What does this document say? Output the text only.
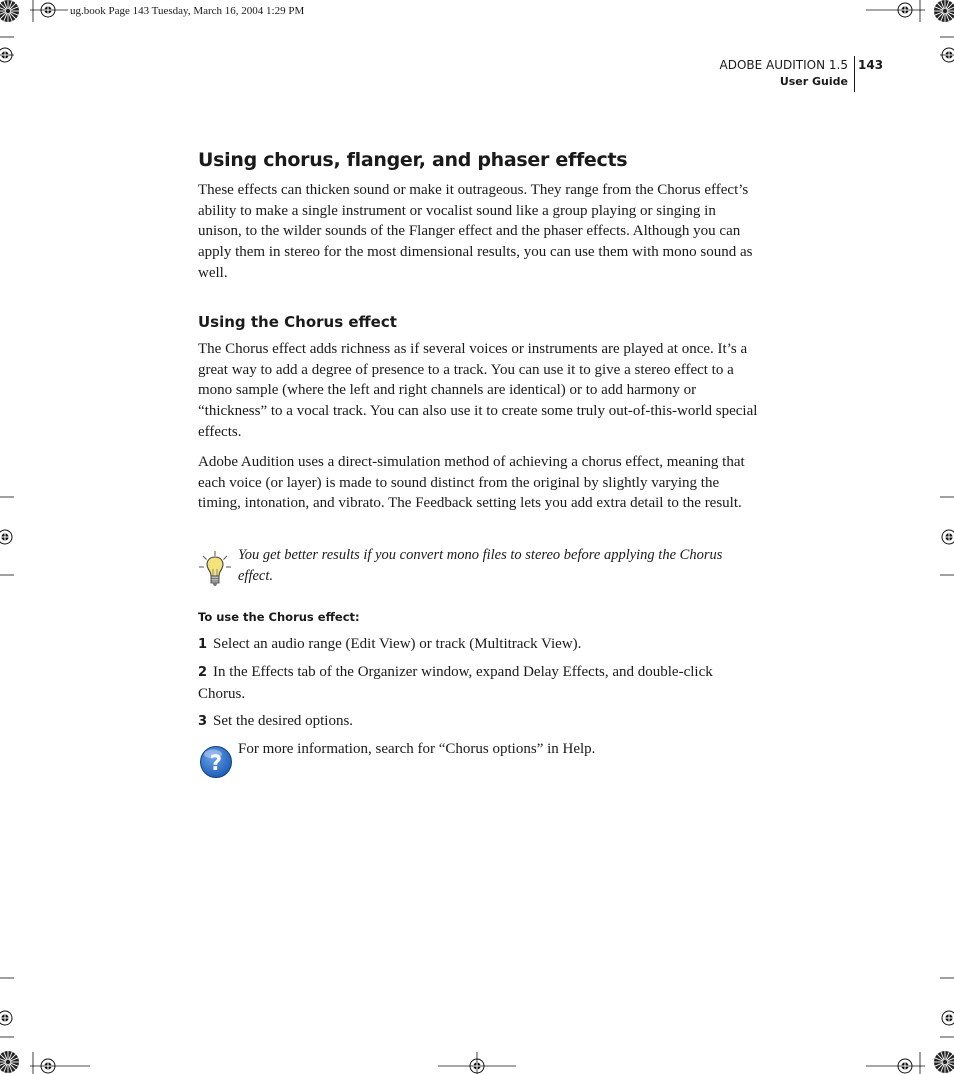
ug.book Page 143 Tuesday, March 16, 2004 1:29 PM
ADOBE AUDITION 1.5
User Guide
143
Using chorus, flanger, and phaser effects

These effects can thicken sound or make it outrageous. They range from the Chorus effect’s ability to make a single instrument or vocalist sound like a group playing or singing in unison, to the wilder sounds of the Flanger effect and the phaser effects. Although you can apply them in stereo for the most dimensional results, you can use them with mono sound as well.

Using the Chorus effect

The Chorus effect adds richness as if several voices or instruments are played at once. It’s a great way to add a degree of presence to a track. You can use it to give a stereo effect to a mono sample (where the left and right channels are identical) or to add harmony or “thickness” to a vocal track. You can also use it to create some truly out-of-this-world special effects.

Adobe Audition uses a direct-simulation method of achieving a chorus effect, meaning that each voice (or layer) is made to sound distinct from the original by slightly varying the timing, intonation, and vibrato. The Feedback setting lets you add extra detail to the result.

You get better results if you convert mono files to stereo before applying the Chorus effect.

To use the Chorus effect:

1 Select an audio range (Edit View) or track (Multitrack View).

2 In the Effects tab of the Organizer window, expand Delay Effects, and double-click Chorus.

3 Set the desired options.

?

For more information, search for “Chorus options” in Help.
